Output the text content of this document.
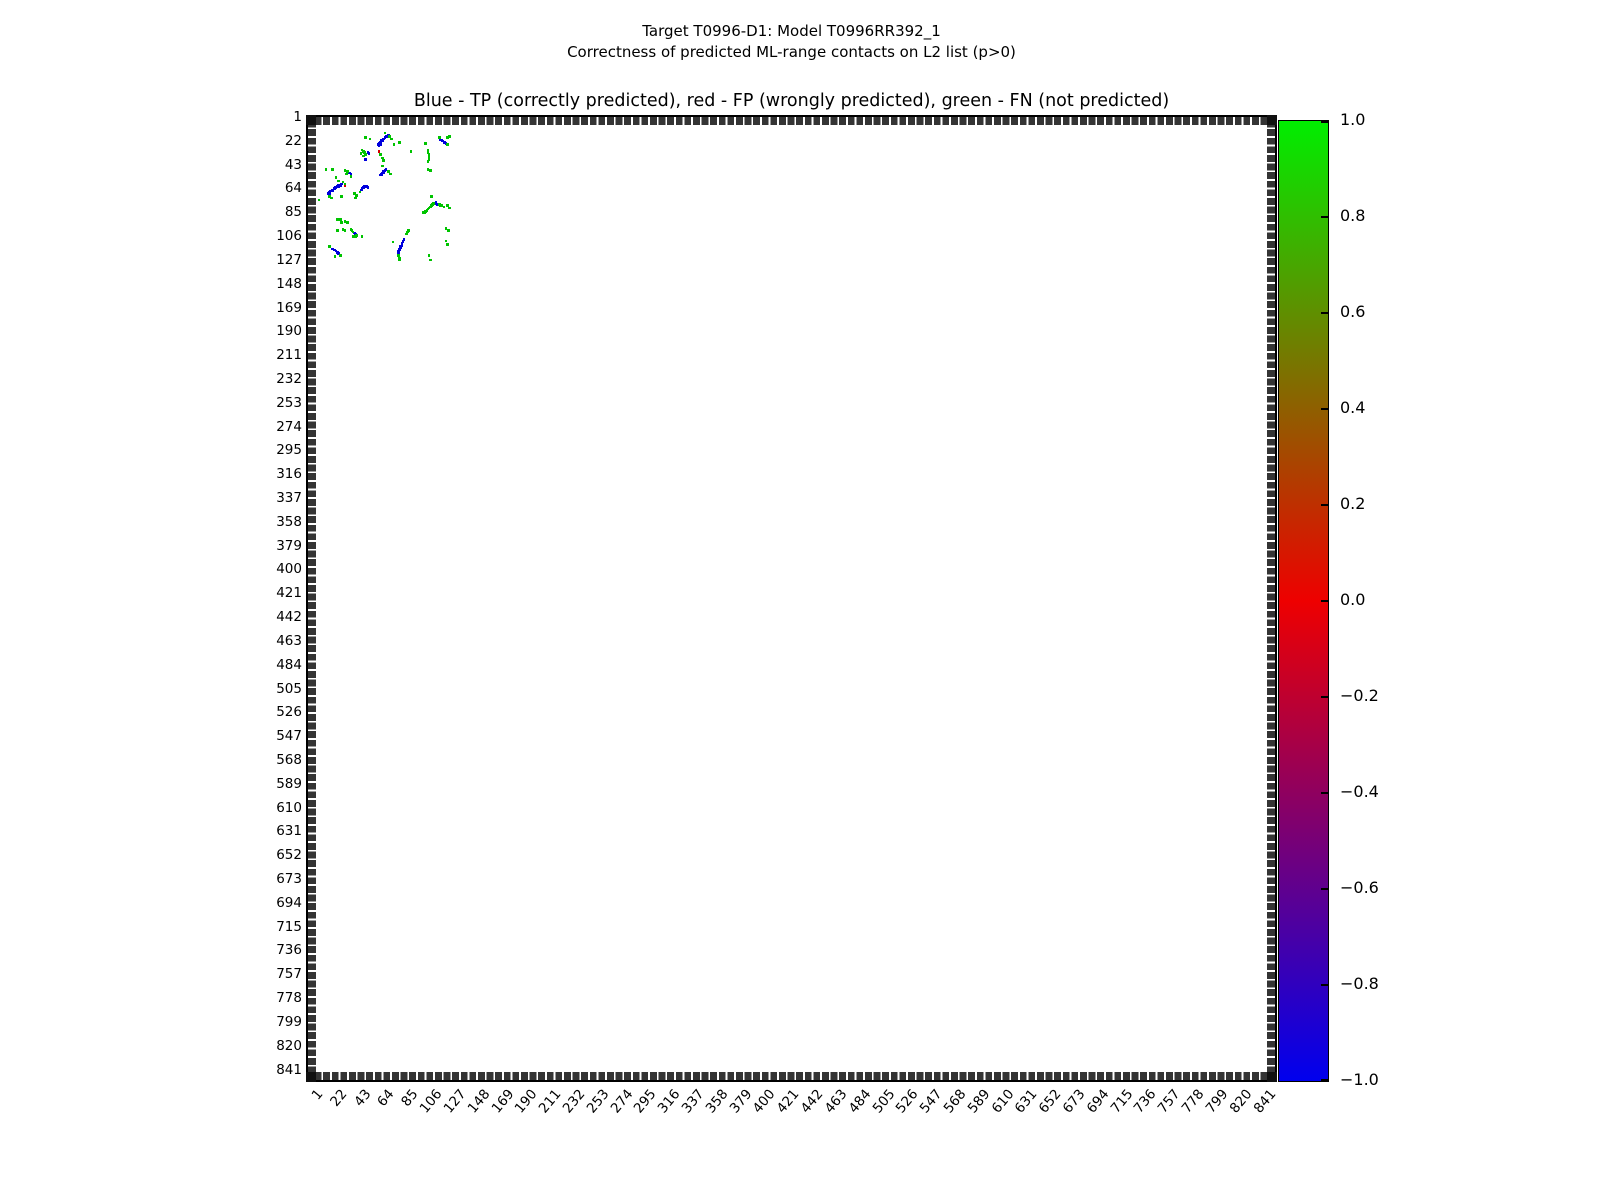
Target T0996-D1: Model T0996RR392_1
Correctness of predicted ML-range contacts on L2 list (p>0)
Blue - TP (correctly predicted), red - FP (wrongly predicted), green - FN (not predicted)
1
22
43
64
85
106
127
148
169
190
211
232
253
274
295
316
337
358
379
400
421
442
463
484
505
526
547
568
589
610
631
652
673
694
715
736
757
778
799
820
841
1 22 43 64 85
106
127
148
169
190
211
232
253
274
295
316
337
358
379
400
421
442
463
484
505
526
547
568
589
610
631
652
673
694
715
736
757
778
799
820
841
1.0
0.8
0.6
0.4
0.2
0.0
−0.2
−0.4
−0.6
−0.8
−1.0
